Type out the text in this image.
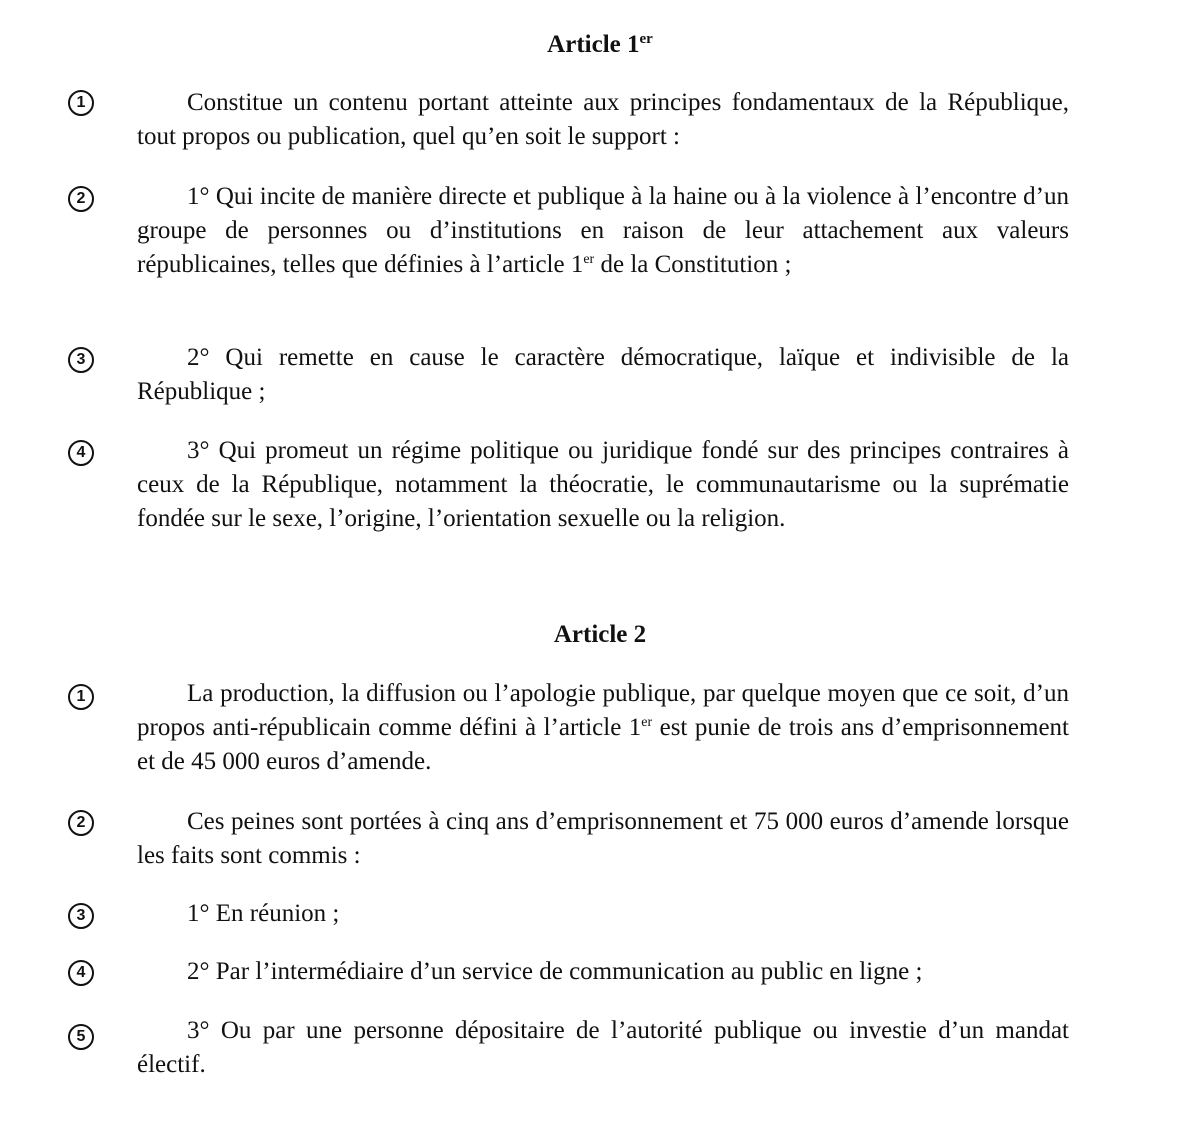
Article 1er
1	Constitue un contenu portant atteinte aux principes fondamentaux de la République, tout propos ou publication, quel qu’en soit le support :

2	1° Qui incite de manière directe et publique à la haine ou à la violence à l’encontre d’un groupe de personnes ou d’institutions en raison de leur attachement aux valeurs républicaines, telles que définies à l’article 1er de la Constitution ;

3	2° Qui remette en cause le caractère démocratique, laïque et indivisible de la République ;

4	3° Qui promeut un régime politique ou juridique fondé sur des principes contraires à ceux de la République, notamment la théocratie, le communautarisme ou la suprématie fondée sur le sexe, l’origine, l’orientation sexuelle ou la religion.

Article 2
1	La production, la diffusion ou l’apologie publique, par quelque moyen que ce soit, d’un propos anti-républicain comme défini à l’article 1er est punie de trois ans d’emprisonnement et de 45 000 euros d’amende.

2	Ces peines sont portées à cinq ans d’emprisonnement et 75 000 euros d’amende lorsque les faits sont commis :

3	1° En réunion ;

4	2° Par l’intermédiaire d’un service de communication au public en ligne ;

5	3° Ou par une personne dépositaire de l’autorité publique ou investie d’un mandat électif.
